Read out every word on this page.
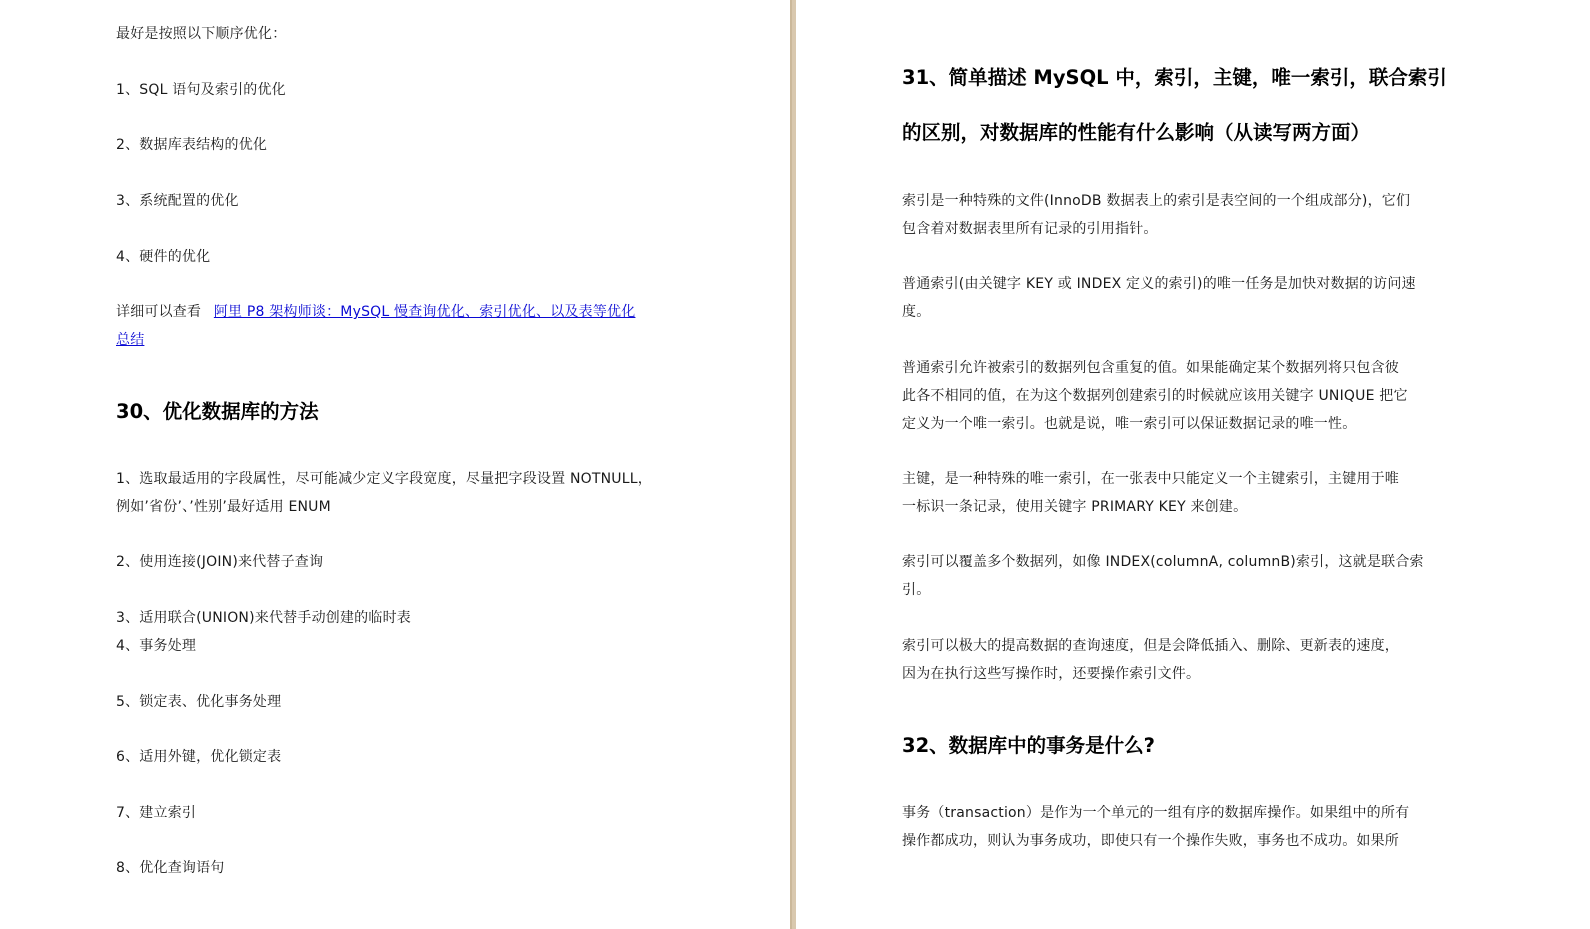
最好是按照以下顺序优化：
1、SQL 语句及索引的优化
2、数据库表结构的优化
3、系统配置的优化
4、硬件的优化
详细可以查看 阿里 P8 架构师谈：MySQL 慢查询优化、索引优化、以及表等优化
总结
30、优化数据库的方法
1、选取最适用的字段属性，尽可能减少定义字段宽度，尽量把字段设置 NOTNULL，
例如’省份’、’性别’最好适用 ENUM
2、使用连接(JOIN)来代替子查询
3、适用联合(UNION)来代替手动创建的临时表
4、事务处理
5、锁定表、优化事务处理
6、适用外键，优化锁定表
7、建立索引
8、优化查询语句
31、简单描述 MySQL 中，索引，主键，唯一索引，联合索引
的区别，对数据库的性能有什么影响（从读写两方面）
索引是一种特殊的文件(InnoDB 数据表上的索引是表空间的一个组成部分)，它们
包含着对数据表里所有记录的引用指针。
普通索引(由关键字 KEY 或 INDEX 定义的索引)的唯一任务是加快对数据的访问速
度。
普通索引允许被索引的数据列包含重复的值。如果能确定某个数据列将只包含彼
此各不相同的值，在为这个数据列创建索引的时候就应该用关键字 UNIQUE 把它
定义为一个唯一索引。也就是说，唯一索引可以保证数据记录的唯一性。
主键，是一种特殊的唯一索引，在一张表中只能定义一个主键索引，主键用于唯
一标识一条记录，使用关键字 PRIMARY KEY 来创建。
索引可以覆盖多个数据列，如像 INDEX(columnA, columnB)索引，这就是联合索
引。
索引可以极大的提高数据的查询速度，但是会降低插入、删除、更新表的速度，
因为在执行这些写操作时，还要操作索引文件。
32、数据库中的事务是什么?
事务（transaction）是作为一个单元的一组有序的数据库操作。如果组中的所有
操作都成功，则认为事务成功，即使只有一个操作失败，事务也不成功。如果所
